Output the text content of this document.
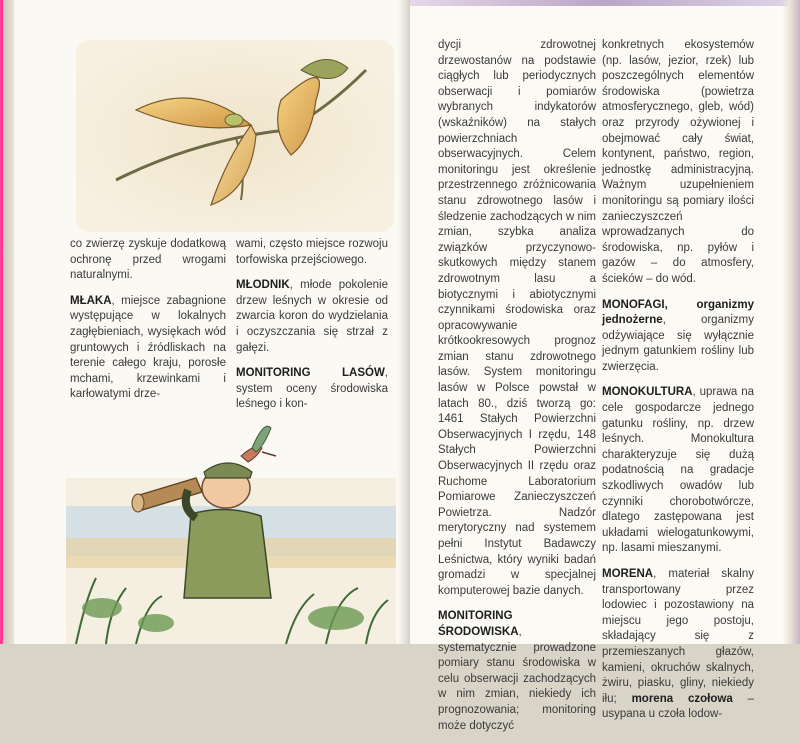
co zwierzę zyskuje dodatkową ochronę przed wrogami naturalnymi.

MŁAKA, miejsce zabagnione występujące w lokalnych zagłębieniach, wysiękach wód gruntowych i źródliskach na terenie całego kraju, porosłe mchami, krzewinkami i karłowatymi drze-

wami, często miejsce rozwoju torfowiska przejściowego.

MŁODNIK, młode pokolenie drzew leśnych w okresie od zwarcia koron do wydzielania i oczyszczania się strzał z gałęzi.

MONITORING LASÓW, system oceny środowiska leśnego i kon-

dycji zdrowotnej drzewostanów na podstawie ciągłych lub periodycznych obserwacji i pomiarów wybranych indykatorów (wskaźników) na stałych powierzchniach obserwacyjnych. Celem monitoringu jest określenie przestrzennego zróżnicowania stanu zdrowotnego lasów i śledzenie zachodzących w nim zmian, szybka analiza związków przyczynowo-skutkowych między stanem zdrowotnym lasu a biotycznymi i abiotycznymi czynnikami środowiska oraz opracowywanie krótkookresowych prognoz zmian stanu zdrowotnego lasów. System monitoringu lasów w Polsce powstał w latach 80., dziś tworzą go: 1461 Stałych Powierzchni Obserwacyjnych I rzędu, 148 Stałych Powierzchni Obserwacyjnych II rzędu oraz Ruchome Laboratorium Pomiarowe Zanieczyszczeń Powietrza. Nadzór merytoryczny nad systemem pełni Instytut Badawczy Leśnictwa, który wyniki badań gromadzi w specjalnej komputerowej bazie danych.

MONITORING ŚRODOWISKA, systematycznie prowadzone pomiary stanu środowiska w celu obserwacji zachodzących w nim zmian, niekiedy ich prognozowania; monitoring może dotyczyć

konkretnych ekosystemów (np. lasów, jezior, rzek) lub poszczególnych elementów środowiska (powietrza atmosferycznego, gleb, wód) oraz przyrody ożywionej i obejmować cały świat, kontynent, państwo, region, jednostkę administracyjną. Ważnym uzupełnieniem monitoringu są pomiary ilości zanieczyszczeń wprowadzanych do środowiska, np. pyłów i gazów – do atmosfery, ścieków – do wód.

MONOFAGI, organizmy jednożerne, organizmy odżywiające się wyłącznie jednym gatunkiem rośliny lub zwierzęcia.

MONOKULTURA, uprawa na cele gospodarcze jednego gatunku rośliny, np. drzew leśnych. Monokultura charakteryzuje się dużą podatnością na gradacje szkodliwych owadów lub czynniki chorobotwórcze, dlatego zastępowana jest układami wielogatunkowymi, np. lasami mieszanymi.

MORENA, materiał skalny transportowany przez lodowiec i pozostawiony na miejscu jego postoju, składający się z przemieszanych głazów, kamieni, okruchów skalnych, żwiru, piasku, gliny, niekiedy iłu; morena czołowa – usypana u czoła lodow-
